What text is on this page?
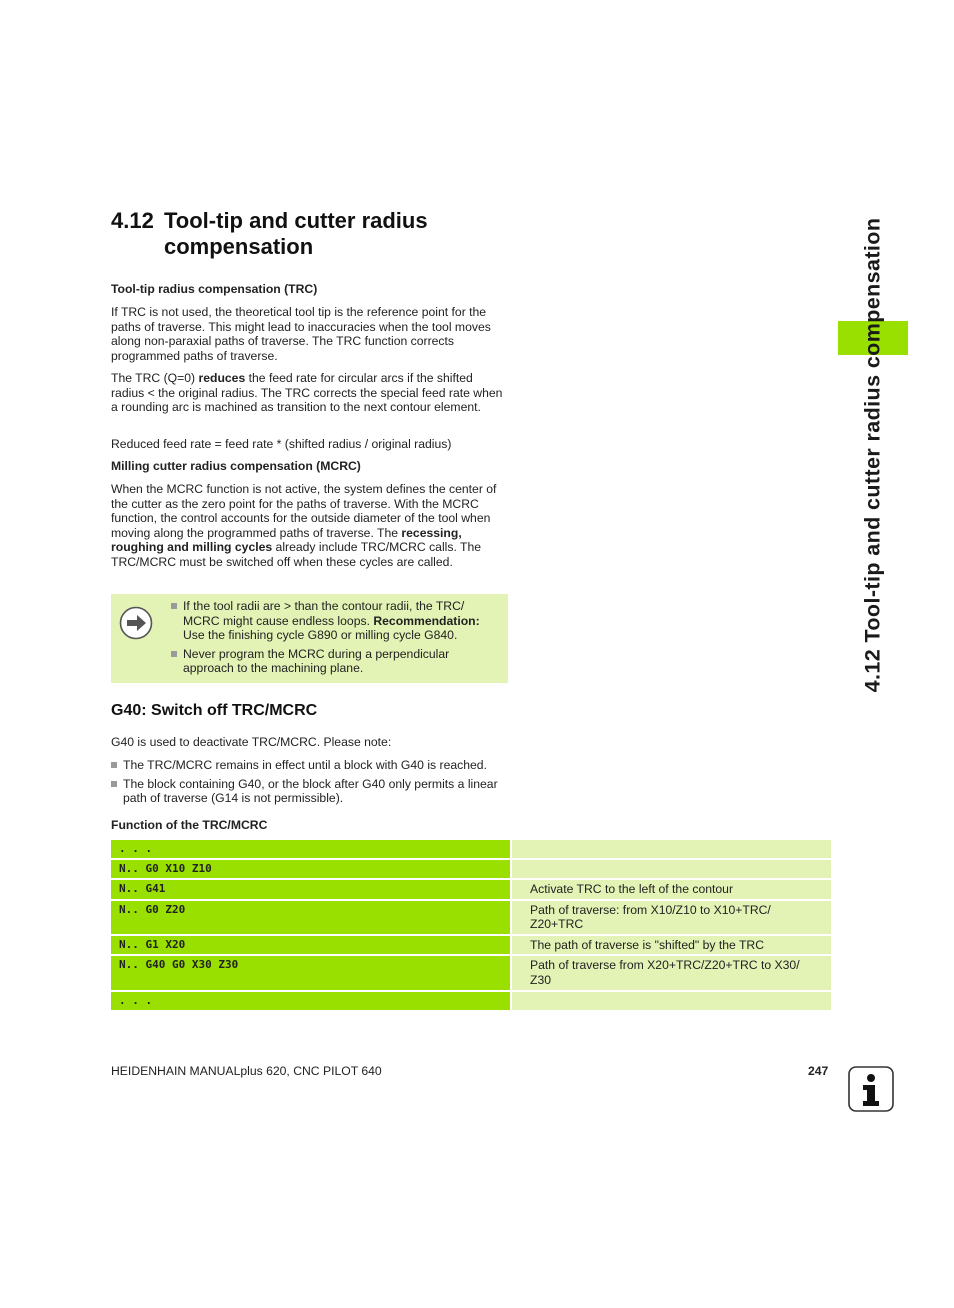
4.12 Tool-tip and cutter radius
compensation

Tool-tip radius compensation (TRC)

If TRC is not used, the theoretical tool tip is the reference point for the paths of traverse. This might lead to inaccuracies when the tool moves along non-paraxial paths of traverse. The TRC function corrects programmed paths of traverse.

The TRC (Q=0) reduces the feed rate for circular arcs if the shifted radius < the original radius. The TRC corrects the special feed rate when a rounding arc is machined as transition to the next contour element.

Reduced feed rate = feed rate * (shifted radius / original radius)

Milling cutter radius compensation (MCRC)

When the MCRC function is not active, the system defines the center of the cutter as the zero point for the paths of traverse. With the MCRC function, the control accounts for the outside diameter of the tool when moving along the programmed paths of traverse. The recessing, roughing and milling cycles already include TRC/MCRC calls. The TRC/MCRC must be switched off when these cycles are called.

If the tool radii are > than the contour radii, the TRC/ MCRC might cause endless loops. Recommendation: Use the finishing cycle G890 or milling cycle G840.
Never program the MCRC during a perpendicular approach to the machining plane.
G40: Switch off TRC/MCRC

G40 is used to deactivate TRC/MCRC. Please note:

The TRC/MCRC remains in effect until a block with G40 is reached.
The block containing G40, or the block after G40 only permits a linear path of traverse (G14 is not permissible).

Function of the TRC/MCRC

. . .
N.. G0 X10 Z10
N.. G41	Activate TRC to the left of the contour
N.. G0 Z20	Path of traverse: from X10/Z10 to X10+TRC/ Z20+TRC
N.. G1 X20	The path of traverse is "shifted" by the TRC
N.. G40 G0 X30 Z30	Path of traverse from X20+TRC/Z20+TRC to X30/ Z30
. . .
4.12 Tool-tip and cutter radius compensation
HEIDENHAIN MANUALplus 620, CNC PILOT 640	247
